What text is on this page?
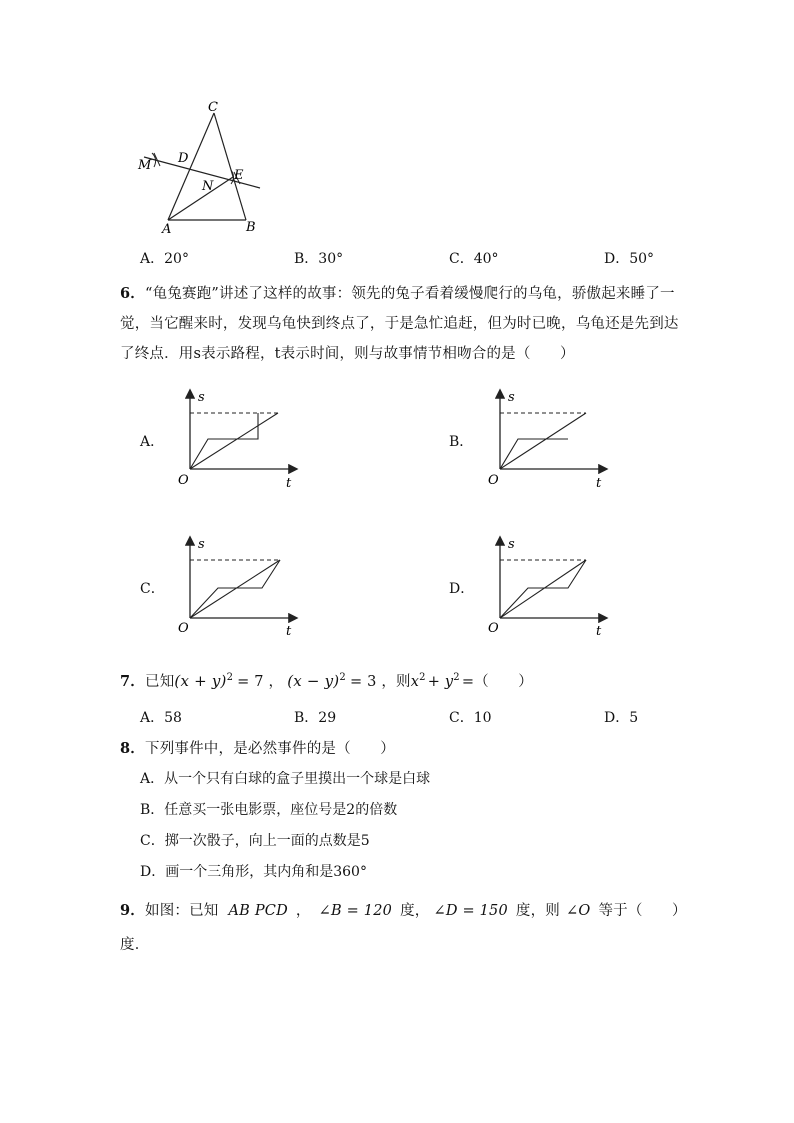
C
D
M
N
E
A	B
A．20°	B．30°	C．40°	D．50°
6．“龟兔赛跑”讲述了这样的故事：领先的兔子看着缓慢爬行的乌龟，骄傲起来睡了一
觉，当它醒来时，发现乌龟快到终点了，于是急忙追赶，但为时已晚，乌龟还是先到达
了终点．用s表示路程，t表示时间，则与故事情节相吻合的是（　　）
A．	B．
C．	D．
s
t
O
s
t
O
s
t
O
s
t
O
7．已知$(x + y)^2 = 7$ ， $(x - y)^2 = 3$ ，则$x^2 + y^2$ =（　　）
A．58	B．29	C．10	D．5
8．下列事件中，是必然事件的是（　　）
A．从一个只有白球的盒子里摸出一个球是白球
B．任意买一张电影票，座位号是2的倍数
C．掷一次骰子，向上一面的点数是5
D．画一个三角形，其内角和是360°
9．如图：已知 AB PCD ， ∠B = 120 度， ∠D = 150 度，则 ∠O 等于（　　）
度．
